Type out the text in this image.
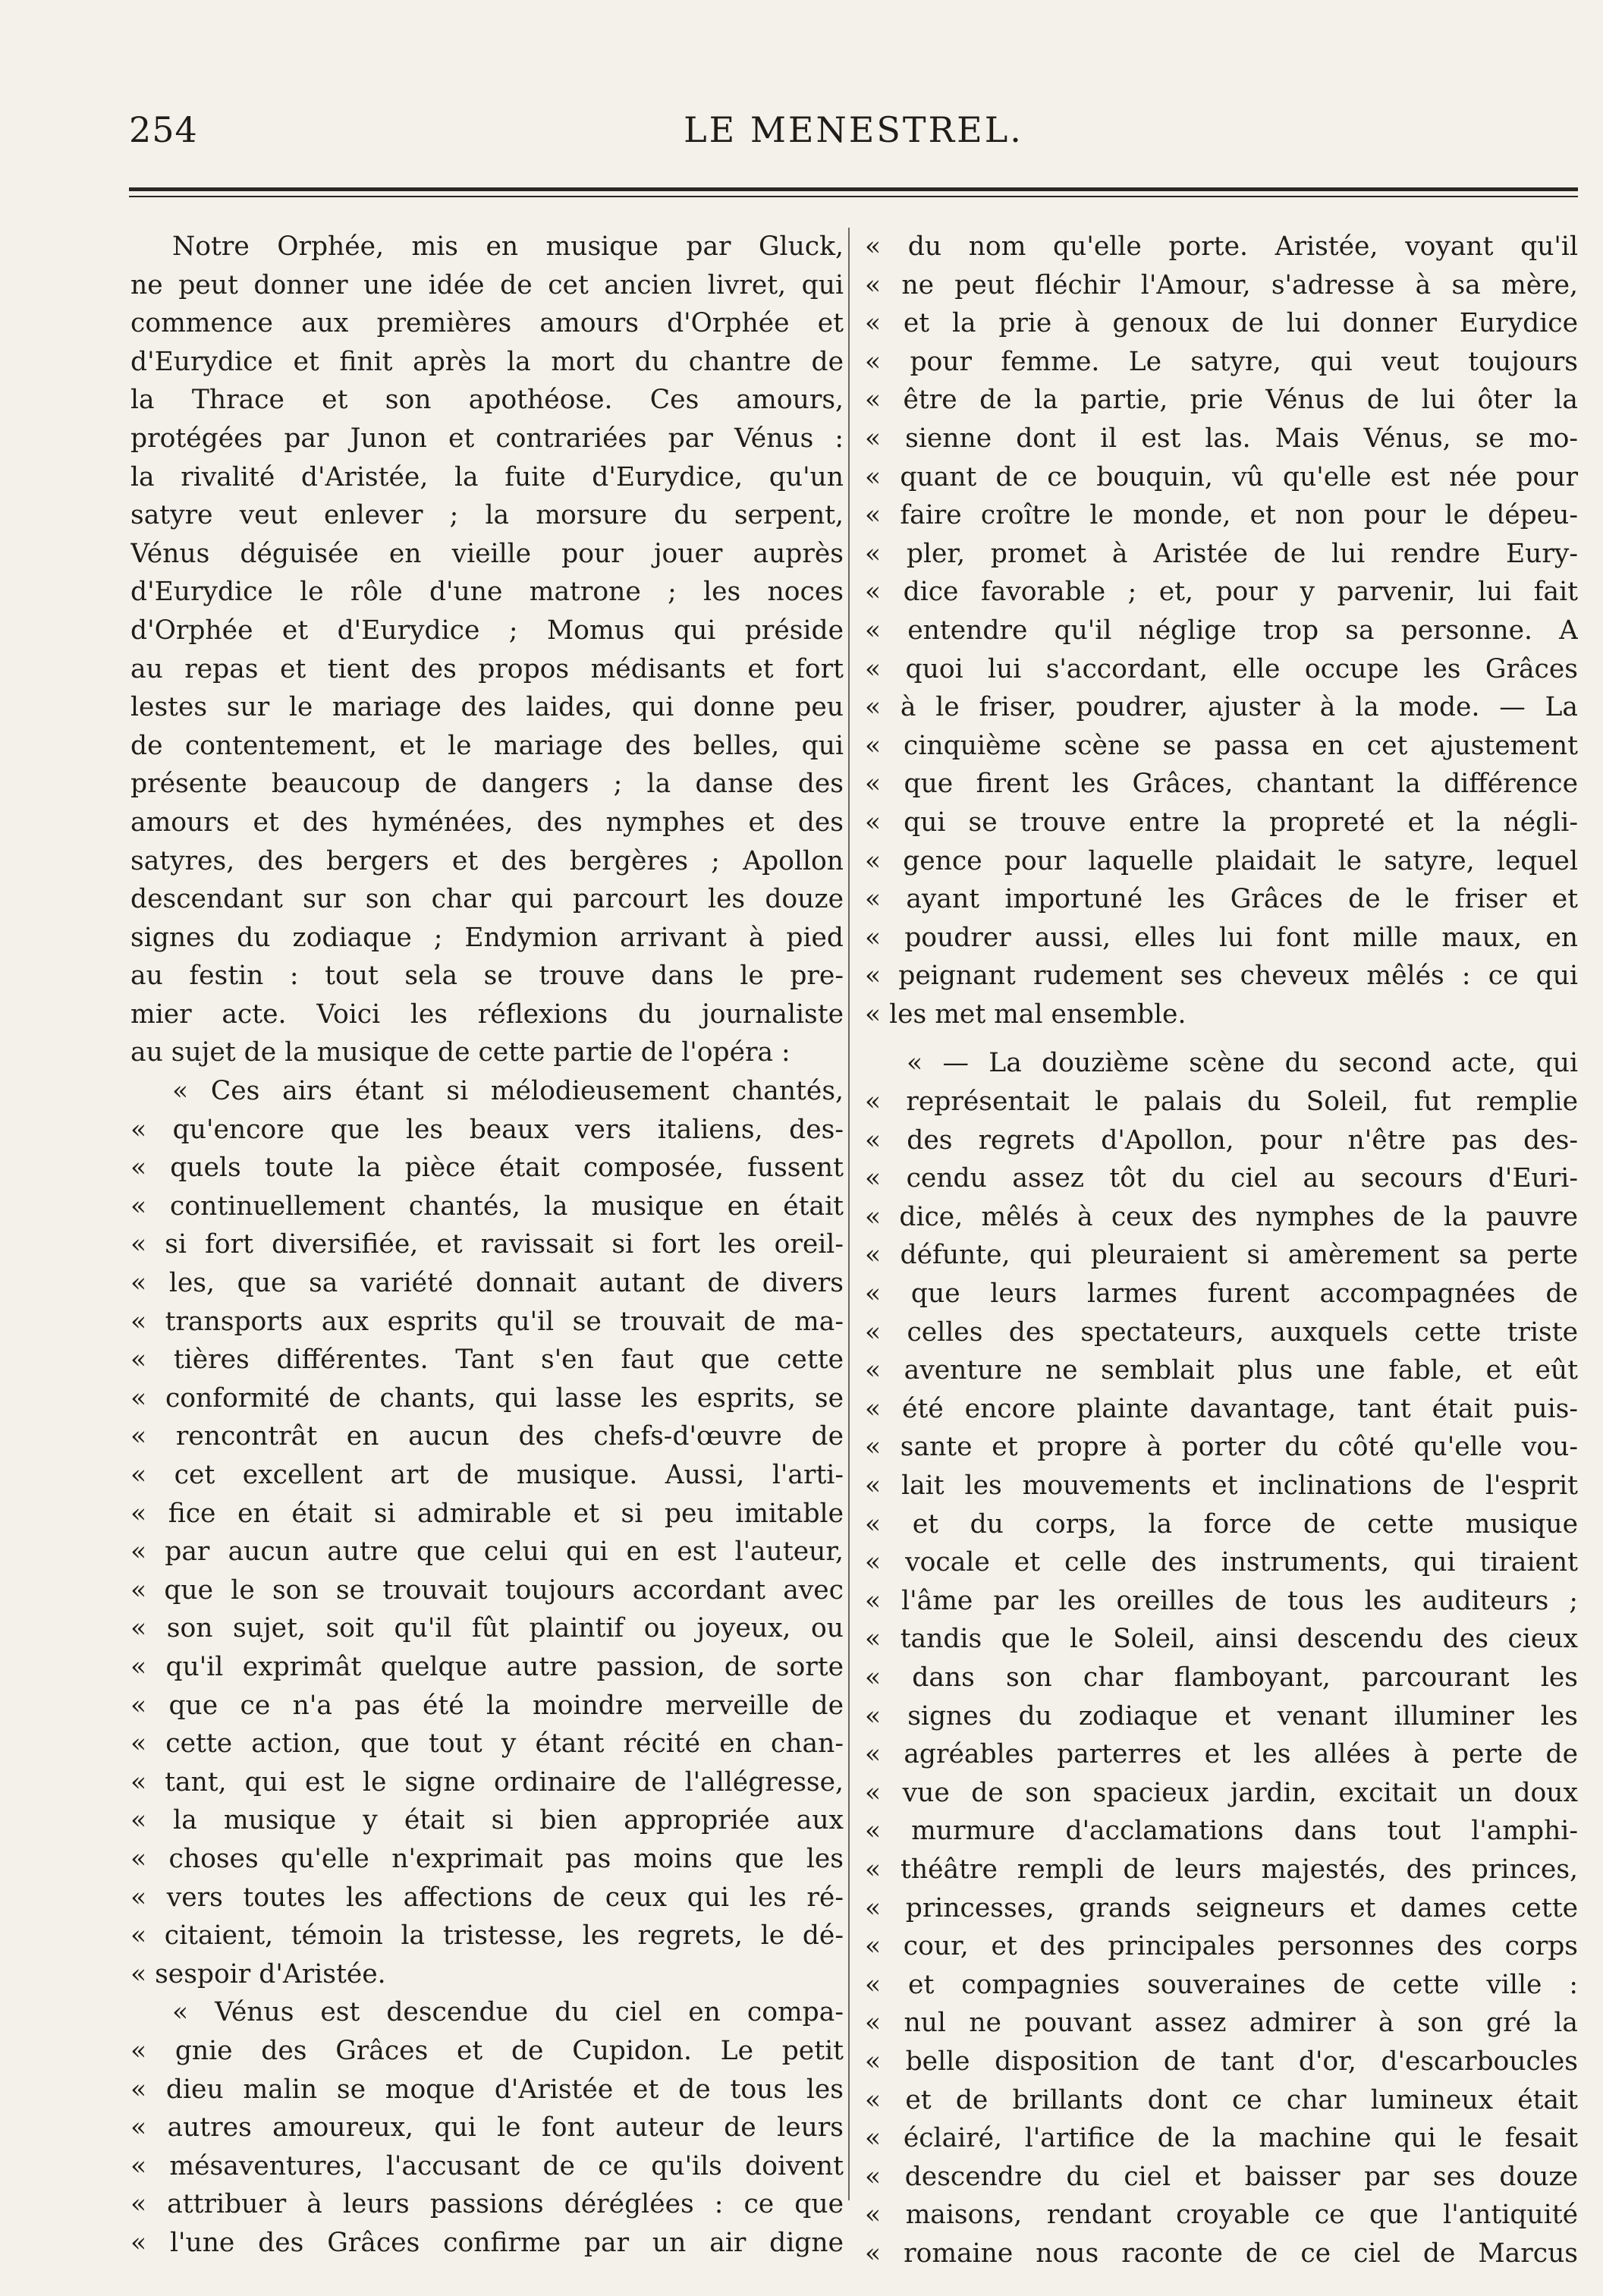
254	LE MENESTREL.
Notre Orphée, mis en musique par Gluck,
ne peut donner une idée de cet ancien livret, qui
commence aux premières amours d'Orphée et
d'Eurydice et finit après la mort du chantre de
la Thrace et son apothéose. Ces amours,
protégées par Junon et contrariées par Vénus :
la rivalité d'Aristée, la fuite d'Eurydice, qu'un
satyre veut enlever ; la morsure du serpent,
Vénus déguisée en vieille pour jouer auprès
d'Eurydice le rôle d'une matrone ; les noces
d'Orphée et d'Eurydice ; Momus qui préside
au repas et tient des propos médisants et fort
lestes sur le mariage des laides, qui donne peu
de contentement, et le mariage des belles, qui
présente beaucoup de dangers ; la danse des
amours et des hyménées, des nymphes et des
satyres, des bergers et des bergères ; Apollon
descendant sur son char qui parcourt les douze
signes du zodiaque ; Endymion arrivant à pied
au festin : tout sela se trouve dans le pre-
mier acte. Voici les réflexions du journaliste
au sujet de la musique de cette partie de l'opéra :
« Ces airs étant si mélodieusement chantés,
« qu'encore que les beaux vers italiens, des-
« quels toute la pièce était composée, fussent
« continuellement chantés, la musique en était
« si fort diversifiée, et ravissait si fort les oreil-
« les, que sa variété donnait autant de divers
« transports aux esprits qu'il se trouvait de ma-
« tières différentes. Tant s'en faut que cette
« conformité de chants, qui lasse les esprits, se
« rencontrât en aucun des chefs-d'œuvre de
« cet excellent art de musique. Aussi, l'arti-
« fice en était si admirable et si peu imitable
« par aucun autre que celui qui en est l'auteur,
« que le son se trouvait toujours accordant avec
« son sujet, soit qu'il fût plaintif ou joyeux, ou
« qu'il exprimât quelque autre passion, de sorte
« que ce n'a pas été la moindre merveille de
« cette action, que tout y étant récité en chan-
« tant, qui est le signe ordinaire de l'allégresse,
« la musique y était si bien appropriée aux
« choses qu'elle n'exprimait pas moins que les
« vers toutes les affections de ceux qui les ré-
« citaient, témoin la tristesse, les regrets, le dé-
« sespoir d'Aristée.
« Vénus est descendue du ciel en compa-
« gnie des Grâces et de Cupidon. Le petit
« dieu malin se moque d'Aristée et de tous les
« autres amoureux, qui le font auteur de leurs
« mésaventures, l'accusant de ce qu'ils doivent
« attribuer à leurs passions déréglées : ce que
« l'une des Grâces confirme par un air digne
« du nom qu'elle porte. Aristée, voyant qu'il
« ne peut fléchir l'Amour, s'adresse à sa mère,
« et la prie à genoux de lui donner Eurydice
« pour femme. Le satyre, qui veut toujours
« être de la partie, prie Vénus de lui ôter la
« sienne dont il est las. Mais Vénus, se mo-
« quant de ce bouquin, vû qu'elle est née pour
« faire croître le monde, et non pour le dépeu-
« pler, promet à Aristée de lui rendre Eury-
« dice favorable ; et, pour y parvenir, lui fait
« entendre qu'il néglige trop sa personne. A
« quoi lui s'accordant, elle occupe les Grâces
« à le friser, poudrer, ajuster à la mode. — La
« cinquième scène se passa en cet ajustement
« que firent les Grâces, chantant la différence
« qui se trouve entre la propreté et la négli-
« gence pour laquelle plaidait le satyre, lequel
« ayant importuné les Grâces de le friser et
« poudrer aussi, elles lui font mille maux, en
« peignant rudement ses cheveux mêlés : ce qui
« les met mal ensemble.
« — La douzième scène du second acte, qui
« représentait le palais du Soleil, fut remplie
« des regrets d'Apollon, pour n'être pas des-
« cendu assez tôt du ciel au secours d'Euri-
« dice, mêlés à ceux des nymphes de la pauvre
« défunte, qui pleuraient si amèrement sa perte
« que leurs larmes furent accompagnées de
« celles des spectateurs, auxquels cette triste
« aventure ne semblait plus une fable, et eût
« été encore plainte davantage, tant était puis-
« sante et propre à porter du côté qu'elle vou-
« lait les mouvements et inclinations de l'esprit
« et du corps, la force de cette musique
« vocale et celle des instruments, qui tiraient
« l'âme par les oreilles de tous les auditeurs ;
« tandis que le Soleil, ainsi descendu des cieux
« dans son char flamboyant, parcourant les
« signes du zodiaque et venant illuminer les
« agréables parterres et les allées à perte de
« vue de son spacieux jardin, excitait un doux
« murmure d'acclamations dans tout l'amphi-
« théâtre rempli de leurs majestés, des princes,
« princesses, grands seigneurs et dames cette
« cour, et des principales personnes des corps
« et compagnies souveraines de cette ville :
« nul ne pouvant assez admirer à son gré la
« belle disposition de tant d'or, d'escarboucles
« et de brillants dont ce char lumineux était
« éclairé, l'artifice de la machine qui le fesait
« descendre du ciel et baisser par ses douze
« maisons, rendant croyable ce que l'antiquité
« romaine nous raconte de ce ciel de Marcus
